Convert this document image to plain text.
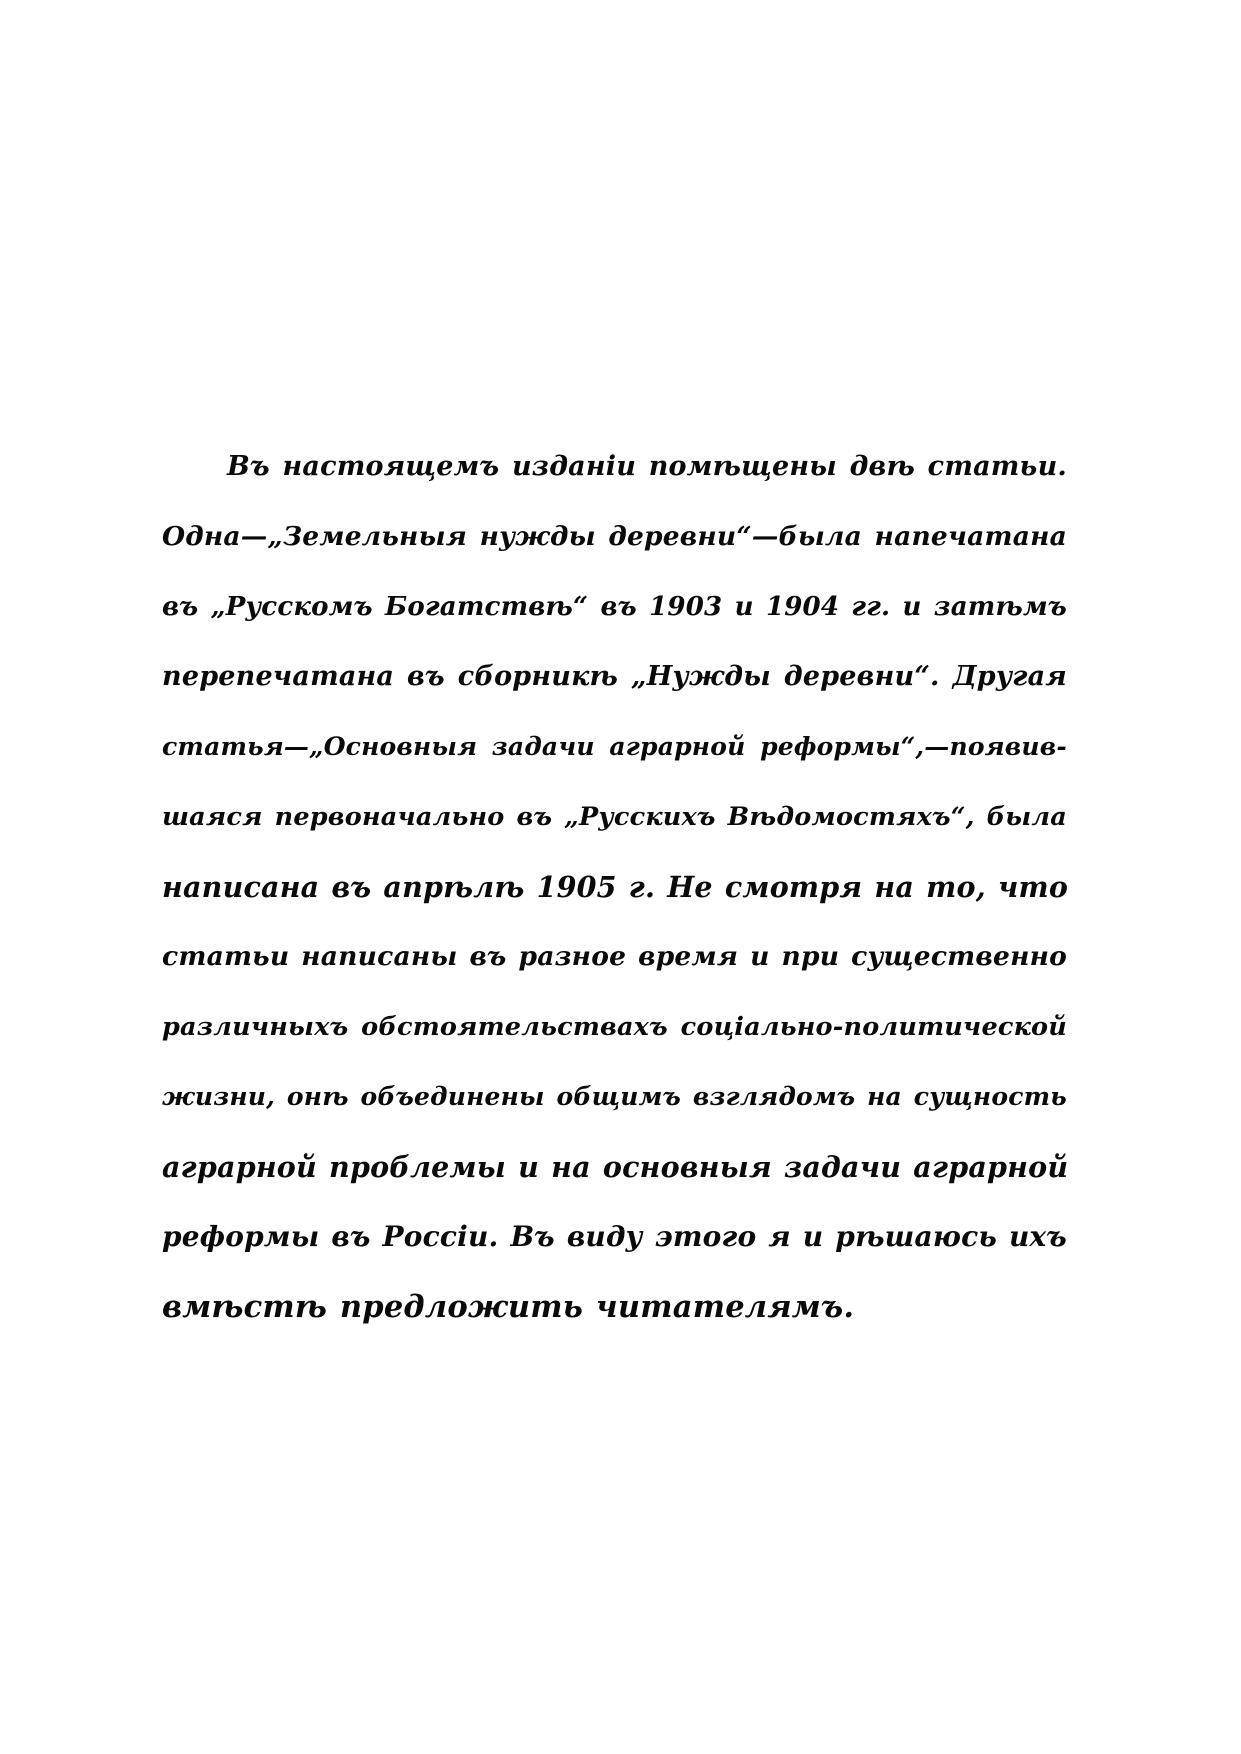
Въ настоящемъ изданіи помѣщены двѣ статьи.
Одна—„Земельныя нужды деревни“—была напечатана
въ „Русскомъ Богатствѣ“ въ 1903 и 1904 гг. и затѣмъ
перепечатана въ сборникѣ „Нужды деревни“. Другая
статья—„Основныя задачи аграрной реформы“,—появив-
шаяся первоначально въ „Русскихъ Вѣдомостяхъ“, была
написана въ апрѣлѣ 1905 г. Не смотря на то, что
статьи написаны въ разное время и при существенно
различныхъ обстоятельствахъ соціально-политической
жизни, онѣ объединены общимъ взглядомъ на сущность
аграрной проблемы и на основныя задачи аграрной
реформы въ Россіи. Въ виду этого я и рѣшаюсь ихъ
вмѣстѣ предложить читателямъ.
